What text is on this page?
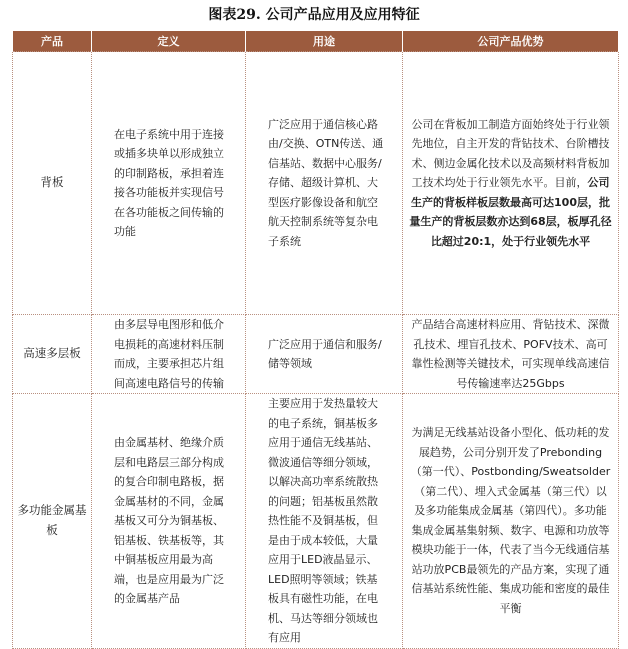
图表29. 公司产品应用及应用特征
产品	定义	用途	公司产品优势
背板	在电子系统中用于连接或插多块单以形成独立的印制路板，承担着连接各功能板并实现信号在各功能板之间传输的功能	广泛应用于通信核心路由/交换、OTN传送、通信基站、数据中心服务/存储、超级计算机、大型医疗影像设备和航空航天控制系统等复杂电子系统	公司在背板加工制造方面始终处于行业领先地位，自主开发的背钻技术、台阶槽技术、侧边金属化技术以及高频材料背板加工技术均处于行业领先水平。目前，公司生产的背板样板层数最高可达100层，批量生产的背板层数亦达到68层，板厚孔径比超过20:1，处于行业领先水平
高速多层板	由多层导电图形和低介电损耗的高速材料压制而成，主要承担芯片组间高速电路信号的传输	广泛应用于通信和服务/储等领域	产品结合高速材料应用、背钻技术、深微孔技术、埋盲孔技术、POFV技术、高可靠性检测等关键技术，可实现单线高速信号传输速率达25Gbps
多功能金属基板	由金属基材、绝缘介质层和电路层三部分构成的复合印制电路板，据金属基材的不同，金属基板又可分为铜基板、铝基板、铁基板等，其中铜基板应用最为高端，也是应用最为广泛的金属基产品	主要应用于发热量较大的电子系统，铜基板多应用于通信无线基站、微波通信等细分领域，以解决高功率系统散热的问题；铝基板虽然散热性能不及铜基板，但是由于成本较低，大量应用于LED液晶显示、LED照明等领域；铁基板具有磁性功能，在电机、马达等细分领域也有应用	为满足无线基站设备小型化、低功耗的发展趋势，公司分别开发了Prebonding（第一代）、Postbonding/Sweatsolder（第二代）、埋入式金属基（第三代）以及多功能集成金属基（第四代）。多功能集成金属基集射频、数字、电源和功放等模块功能于一体，代表了当今无线通信基站功放PCB最领先的产品方案，实现了通信基站系统性能、集成功能和密度的最佳平衡
